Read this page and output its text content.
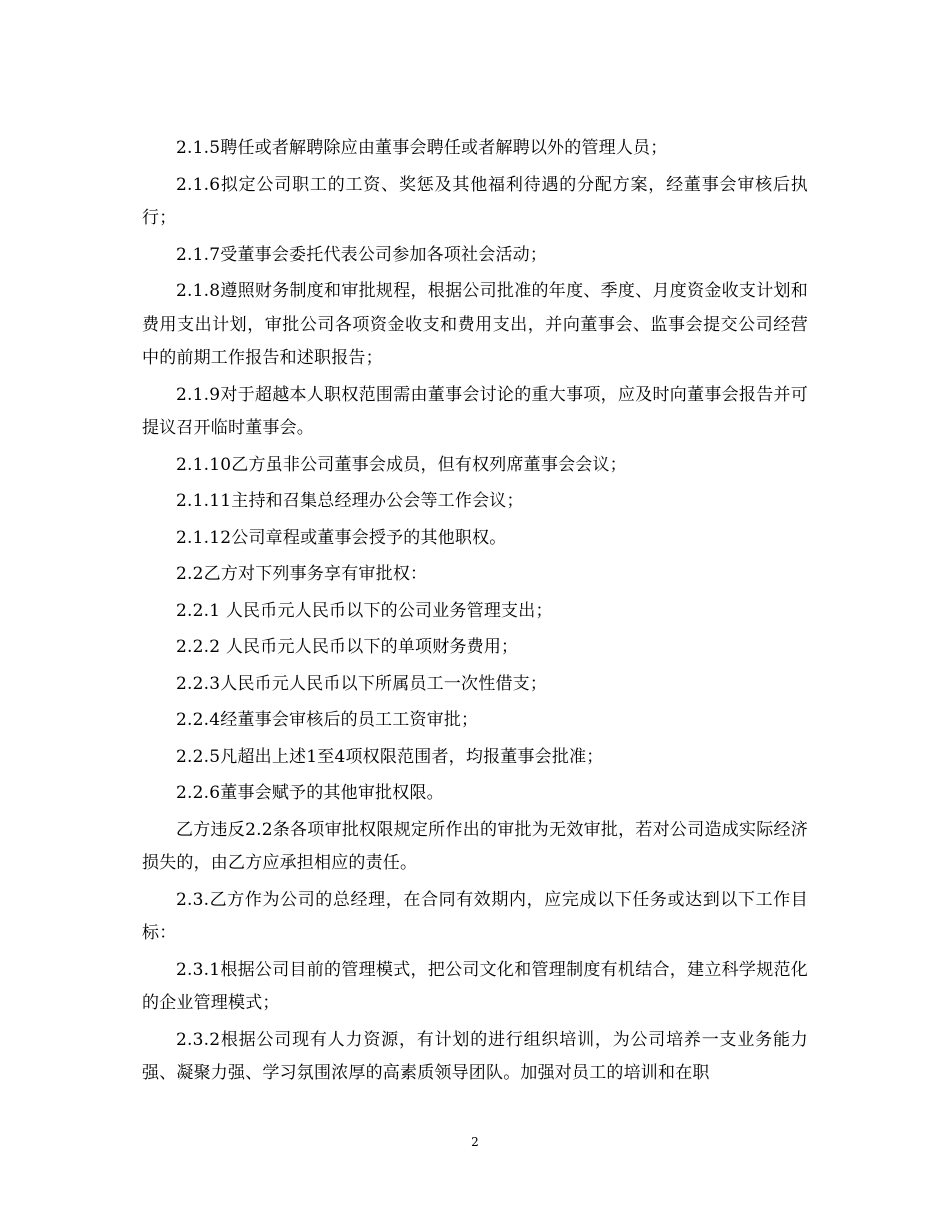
2.1.5聘任或者解聘除应由董事会聘任或者解聘以外的管理人员；

2.1.6拟定公司职工的工资、奖惩及其他福利待遇的分配方案，经董事会审核后执行；

2.1.7受董事会委托代表公司参加各项社会活动；

2.1.8遵照财务制度和审批规程，根据公司批准的年度、季度、月度资金收支计划和费用支出计划，审批公司各项资金收支和费用支出，并向董事会、监事会提交公司经营中的前期工作报告和述职报告；

2.1.9对于超越本人职权范围需由董事会讨论的重大事项，应及时向董事会报告并可提议召开临时董事会。

2.1.10乙方虽非公司董事会成员，但有权列席董事会会议；

2.1.11主持和召集总经理办公会等工作会议；

2.1.12公司章程或董事会授予的其他职权。

2.2乙方对下列事务享有审批权：

2.2.1 人民币元人民币以下的公司业务管理支出；

2.2.2 人民币元人民币以下的单项财务费用；

2.2.3人民币元人民币以下所属员工一次性借支；

2.2.4经董事会审核后的员工工资审批；

2.2.5凡超出上述1至4项权限范围者，均报董事会批准；

2.2.6董事会赋予的其他审批权限。

乙方违反2.2条各项审批权限规定所作出的审批为无效审批，若对公司造成实际经济损失的，由乙方应承担相应的责任。

2.3.乙方作为公司的总经理，在合同有效期内，应完成以下任务或达到以下工作目标：

2.3.1根据公司目前的管理模式，把公司文化和管理制度有机结合，建立科学规范化的企业管理模式；

2.3.2根据公司现有人力资源，有计划的进行组织培训，为公司培养一支业务能力强、凝聚力强、学习氛围浓厚的高素质领导团队。加强对员工的培训和在职

2
